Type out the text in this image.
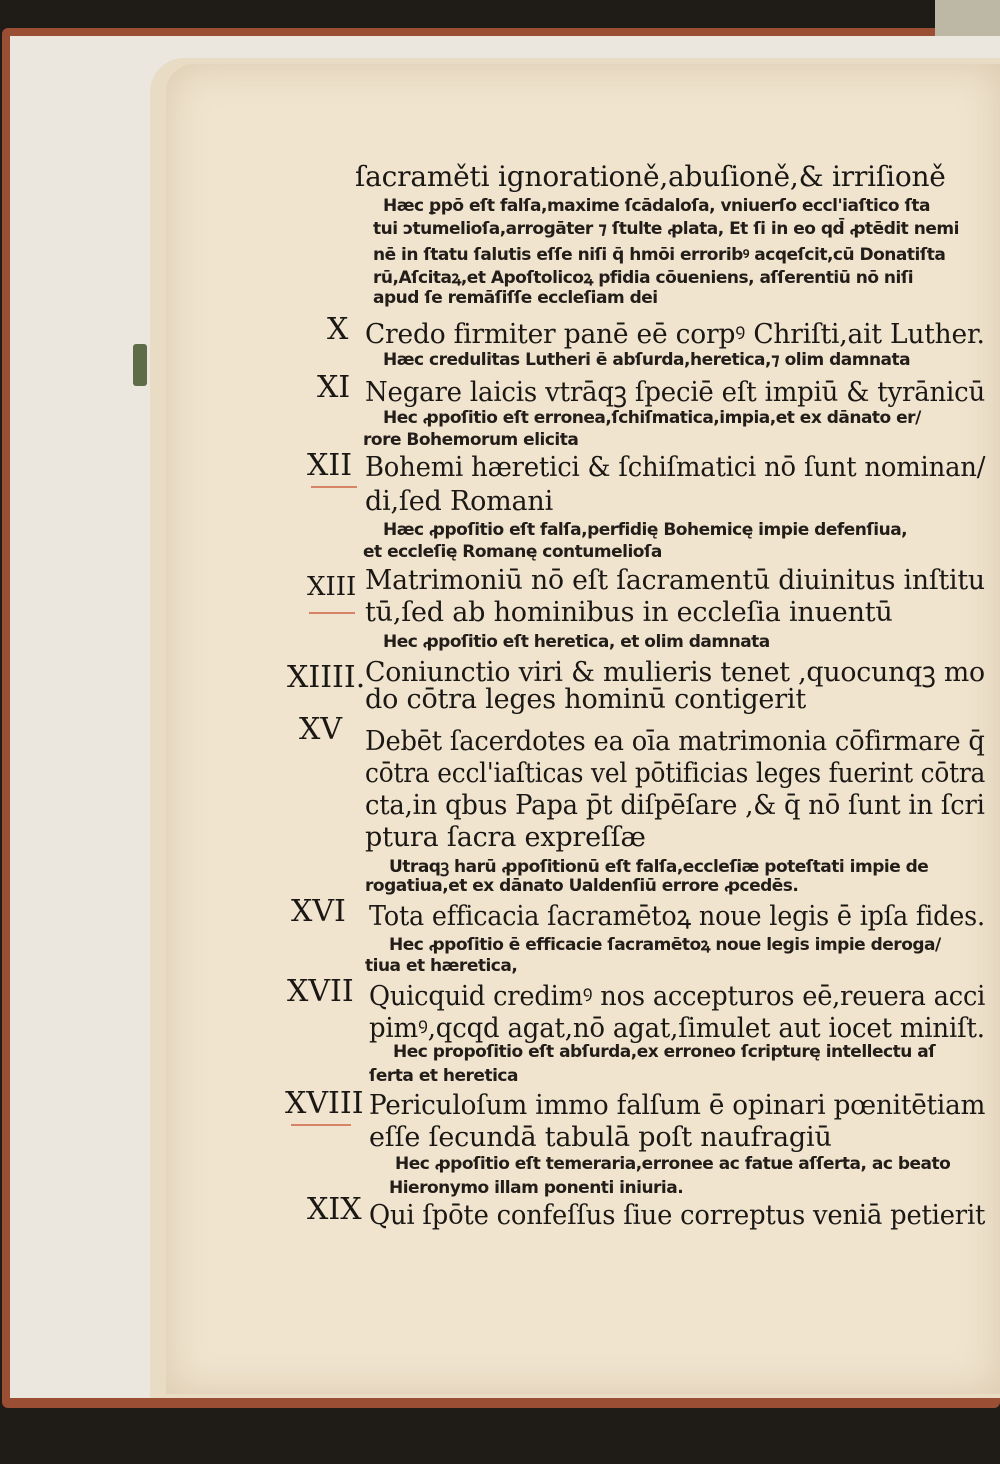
ſacraměti ignorationě,abuſioně,& irriſioně
Hæc ꝑpō eſt falſa,maxime ſcādaloſa, vniuerſo eccl'iaſtico ſta
tui ↄtumelioſa,arrogāter ⁊ ſtulte ꝓlata, Et ſi in eo qd̄ ꝓtēdit nemi
nē in ſtatu ſalutis eſſe niſi q̄ hmōi erroribꝰ acqeſcit,cū Donatiſta
rū,Aſcitaꝝ,et Apoſtolicoꝝ pfidia cōueniens, aſſerentiū nō niſi
apud ſe remāſiſſe eccleſiam dei
X Credo firmiter panē eē corpꝰ Chriſti,ait Luther.
Hæc credulitas Lutheri ē abſurda,heretica,⁊ olim damnata
XI Negare laicis vtrāqꝫ ſpeciē eſt impiū & tyrānicū
Hec ꝓpoſitio eſt erronea,ſchiſmatica,impia,et ex dānato er/
rore Bohemorum elicita
XII Bohemi hæretici & ſchiſmatici nō ſunt nominan/
di,ſed Romani
Hæc ꝓpoſitio eſt falſa,perfidię Bohemicę impie defenſiua,
et eccleſię Romanę contumelioſa
XIII Matrimoniū nō eſt ſacramentū diuinitus inſtitu
tū,ſed ab hominibus in eccleſia inuentū
Hec ꝓpoſitio eſt heretica, et olim damnata
XIIII. Coniunctio viri & mulieris tenet ,quocunqꝫ mo
do cōtra leges hominū contigerit
XV Debēt ſacerdotes ea oīa matrimonia cōfirmare q̄
cōtra eccl'iaſticas vel pōtificias leges fuerint cōtra
cta,in qbus Papa p̄t diſpēſare ,& q̄ nō ſunt in ſcri
ptura ſacra expreſſæ
Utraqꝫ harū ꝓpoſitionū eſt falſa,eccleſiæ poteſtati impie de
rogatiua,et ex dānato Ualdenſiū errore ꝓcedēs.
XVI Tota efficacia ſacramētoꝝ noue legis ē ipſa fides.
Hec ꝓpoſitio ē efficacie ſacramētoꝝ noue legis impie deroga/
tiua et hæretica,
XVII Quicquid credimꝰ nos accepturos eē,reuera acci
pimꝰ,qcqd agat,nō agat,ſimulet aut iocet miniſt.
Hec propoſitio eſt abſurda,ex erroneo ſcripturę intellectu aſ
ſerta et heretica
XVIII Periculoſum immo falſum ē opinari pœnitētiam
eſſe ſecundā tabulā poſt naufragiū
Hec ꝓpoſitio eſt temeraria,erronee ac fatue aſſerta, ac beato
Hieronymo illam ponenti iniuria.
XIX Qui ſpōte confeſſus ſiue correptus veniā petierit
